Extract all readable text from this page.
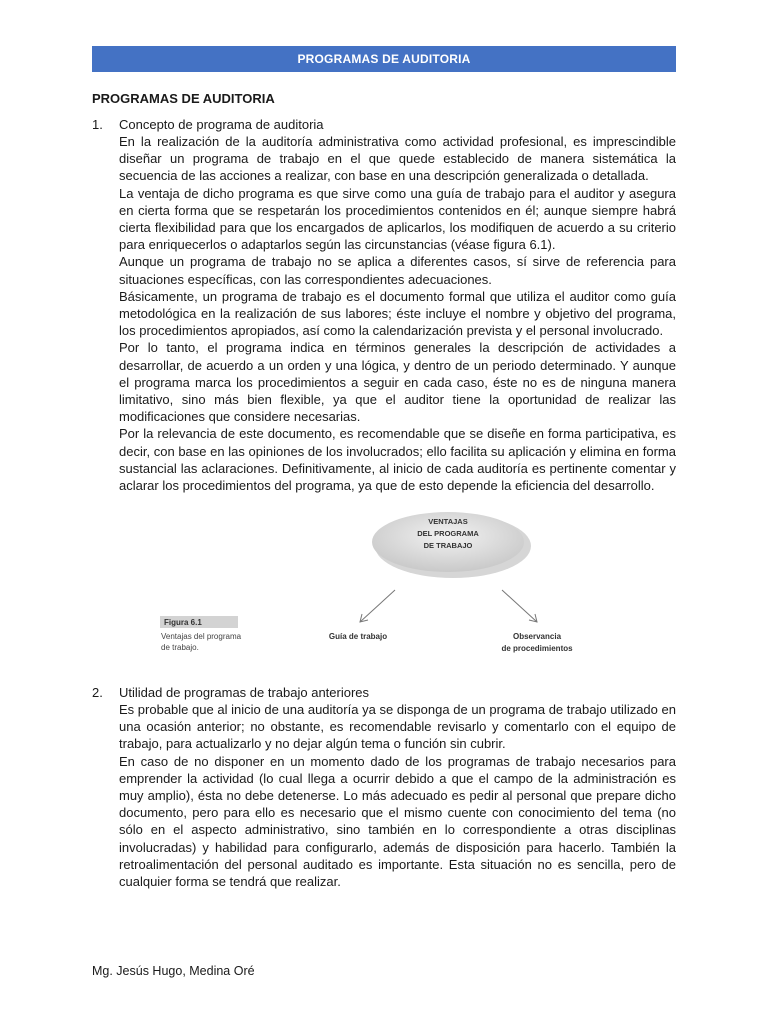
PROGRAMAS DE AUDITORIA
PROGRAMAS DE AUDITORIA
1.	Concepto de programa de auditoria

En la realización de la auditoría administrativa como actividad profesional, es imprescindible diseñar un programa de trabajo en el que quede establecido de manera sistemática la secuencia de las acciones a realizar, con base en una descripción generalizada o detallada.

La ventaja de dicho programa es que sirve como una guía de trabajo para el auditor y asegura en cierta forma que se respetarán los procedimientos contenidos en él; aunque siempre habrá cierta flexibilidad para que los encargados de aplicarlos, los modifiquen de acuerdo a su criterio para enriquecerlos o adaptarlos según las circunstancias (véase figura 6.1).

Aunque un programa de trabajo no se aplica a diferentes casos, sí sirve de referencia para situaciones específicas, con las correspondientes adecuaciones.

Básicamente, un programa de trabajo es el documento formal que utiliza el auditor como guía metodológica en la realización de sus labores; éste incluye el nombre y objetivo del programa, los procedimientos apropiados, así como la calendarización prevista y el personal involucrado.

Por lo tanto, el programa indica en términos generales la descripción de actividades a desarrollar, de acuerdo a un orden y una lógica, y dentro de un periodo determinado. Y aunque el programa marca los procedimientos a seguir en cada caso, éste no es de ninguna manera limitativo, sino más bien flexible, ya que el auditor tiene la oportunidad de realizar las modificaciones que considere necesarias.

Por la relevancia de este documento, es recomendable que se diseñe en forma participativa, es decir, con base en las opiniones de los involucrados; ello facilita su aplicación y elimina en forma sustancial las aclaraciones. Definitivamente, al inicio de cada auditoría es pertinente comentar y aclarar los procedimientos del programa, ya que de esto depende la eficiencia del desarrollo.

VENTAJAS
DEL PROGRAMA
DE TRABAJO
Figura 6.1
Ventajas del programa
de trabajo.
Guía de trabajo	Observancia
de procedimientos
2.	Utilidad de programas de trabajo anteriores

Es probable que al inicio de una auditoría ya se disponga de un programa de trabajo utilizado en una ocasión anterior; no obstante, es recomendable revisarlo y comentarlo con el equipo de trabajo, para actualizarlo y no dejar algún tema o función sin cubrir.

En caso de no disponer en un momento dado de los programas de trabajo necesarios para emprender la actividad (lo cual llega a ocurrir debido a que el campo de la administración es muy amplio), ésta no debe detenerse. Lo más adecuado es pedir al personal que prepare dicho documento, pero para ello es necesario que el mismo cuente con conocimiento del tema (no sólo en el aspecto administrativo, sino también en lo correspondiente a otras disciplinas involucradas) y habilidad para configurarlo, además de disposición para hacerlo. También la retroalimentación del personal auditado es importante. Esta situación no es sencilla, pero de cualquier forma se tendrá que realizar.

Mg. Jesús Hugo, Medina Oré
